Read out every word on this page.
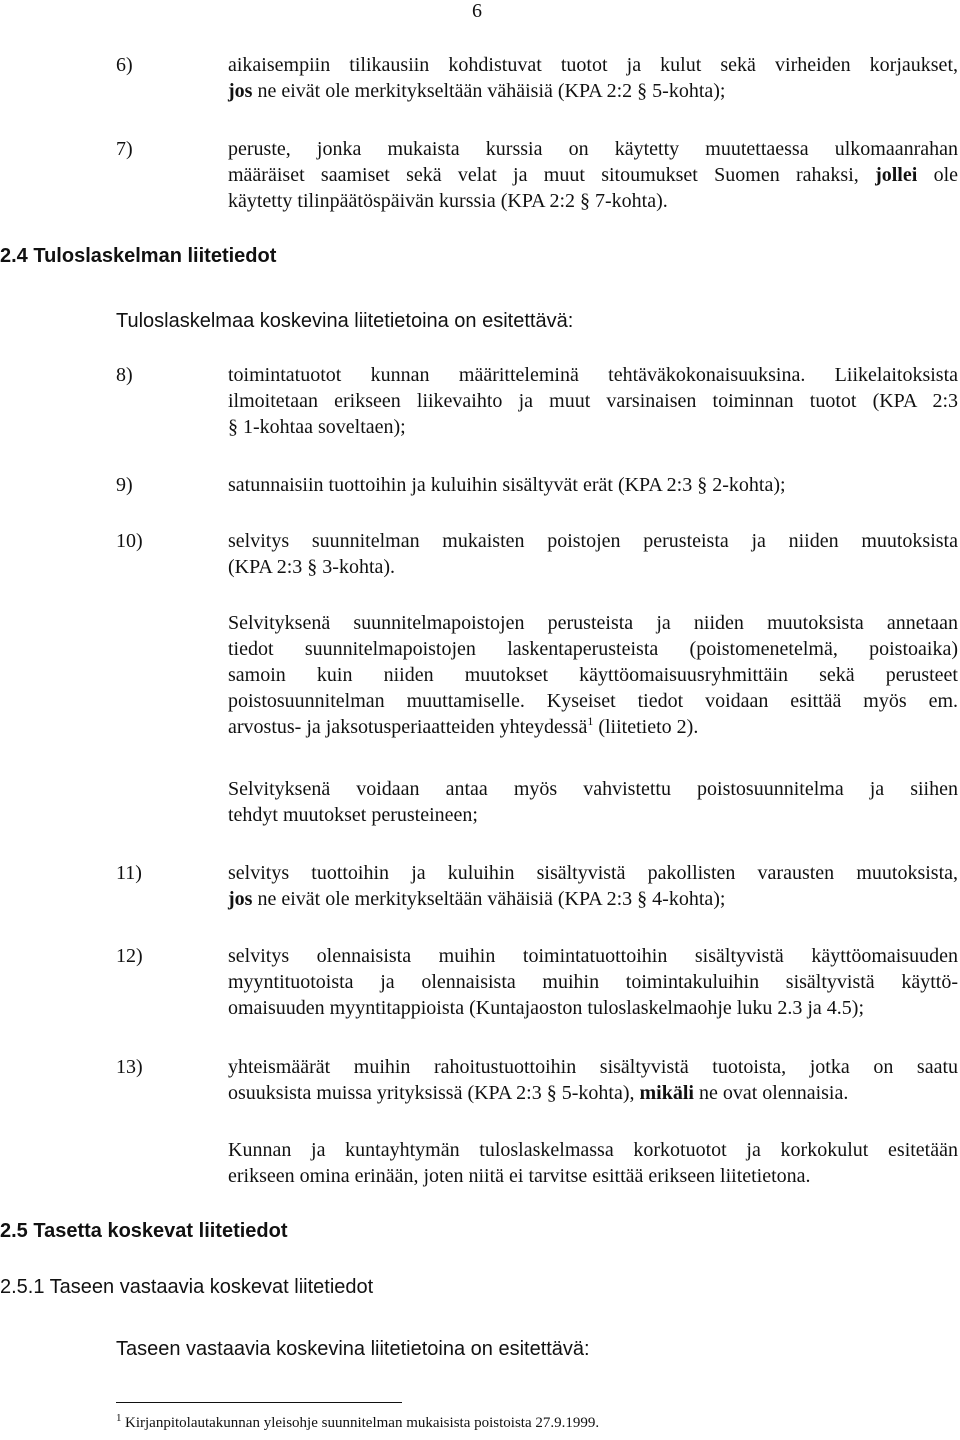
6
6)	aikaisempiin tilikausiin kohdistuvat tuotot ja kulut sekä virheiden korjaukset,
jos ne eivät ole merkitykseltään vähäisiä (KPA 2:2 § 5-kohta);
7)	peruste, jonka mukaista kurssia on käytetty muutettaessa ulkomaanrahan
määräiset saamiset sekä velat ja muut sitoumukset Suomen rahaksi, jollei ole
käytetty tilinpäätöspäivän kurssia (KPA 2:2 § 7-kohta).
2.4 Tuloslaskelman liitetiedot
Tuloslaskelmaa koskevina liitetietoina on esitettävä:
8)	toimintatuotot kunnan määrittelеminä tehtäväkokonaisuuksina. Liikelaitoksista
ilmoitetaan erikseen liikevaihto ja muut varsinaisen toiminnan tuotot (KPA 2:3
§ 1-kohtaa soveltaen);
9)	satunnaisiin tuottoihin ja kuluihin sisältyvät erät (KPA 2:3 § 2-kohta);
10)	selvitys suunnitelman mukaisten poistojen perusteista ja niiden muutoksista
(KPA 2:3 § 3-kohta).
Selvityksenä suunnitelmapoistojen perusteista ja niiden muutoksista annetaan
tiedot suunnitelmapoistojen laskentaperusteista (poistomenetelmä, poistoaika)
samoin kuin niiden muutokset käyttöomaisuusryhmittäin sekä perusteet
poistosuunnitelman muuttamiselle. Kyseiset tiedot voidaan esittää myös em.
arvostus- ja jaksotusperiaatteiden yhteydessä$^1$ (liitetieto 2).
Selvityksenä voidaan antaa myös vahvistettu poistosuunnitelma ja siihen
tehdyt muutokset perusteineen;
11)	selvitys tuottoihin ja kuluihin sisältyvistä pakollisten varausten muutoksista,
jos ne eivät ole merkitykseltään vähäisiä (KPA 2:3 § 4-kohta);
12)	selvitys olennaisista muihin toimintatuottoihin sisältyvistä käyttöomaisuuden
myyntituotoista ja olennaisista muihin toimintakuluihin sisältyvistä käyttö-
omaisuuden myyntitappioista (Kuntajaoston tuloslaskelmaohje luku 2.3 ja 4.5);
13)	yhteismäärät muihin rahoitustuottoihin sisältyvistä tuotoista, jotka on saatu
osuuksista muissa yrityksissä (KPA 2:3 § 5-kohta), mikäli ne ovat olennaisia.
Kunnan ja kuntayhtymän tuloslaskelmassa korkotuotot ja korkokulut esitetään
erikseen omina erinään, joten niitä ei tarvitse esittää erikseen liitetietona.
2.5 Tasetta koskevat liitetiedot
2.5.1 Taseen vastaavia koskevat liitetiedot
Taseen vastaavia koskevina liitetietoina on esitettävä:
$^1$ Kirjanpitolautakunnan yleisohje suunnitelman mukaisista poistoista 27.9.1999.
